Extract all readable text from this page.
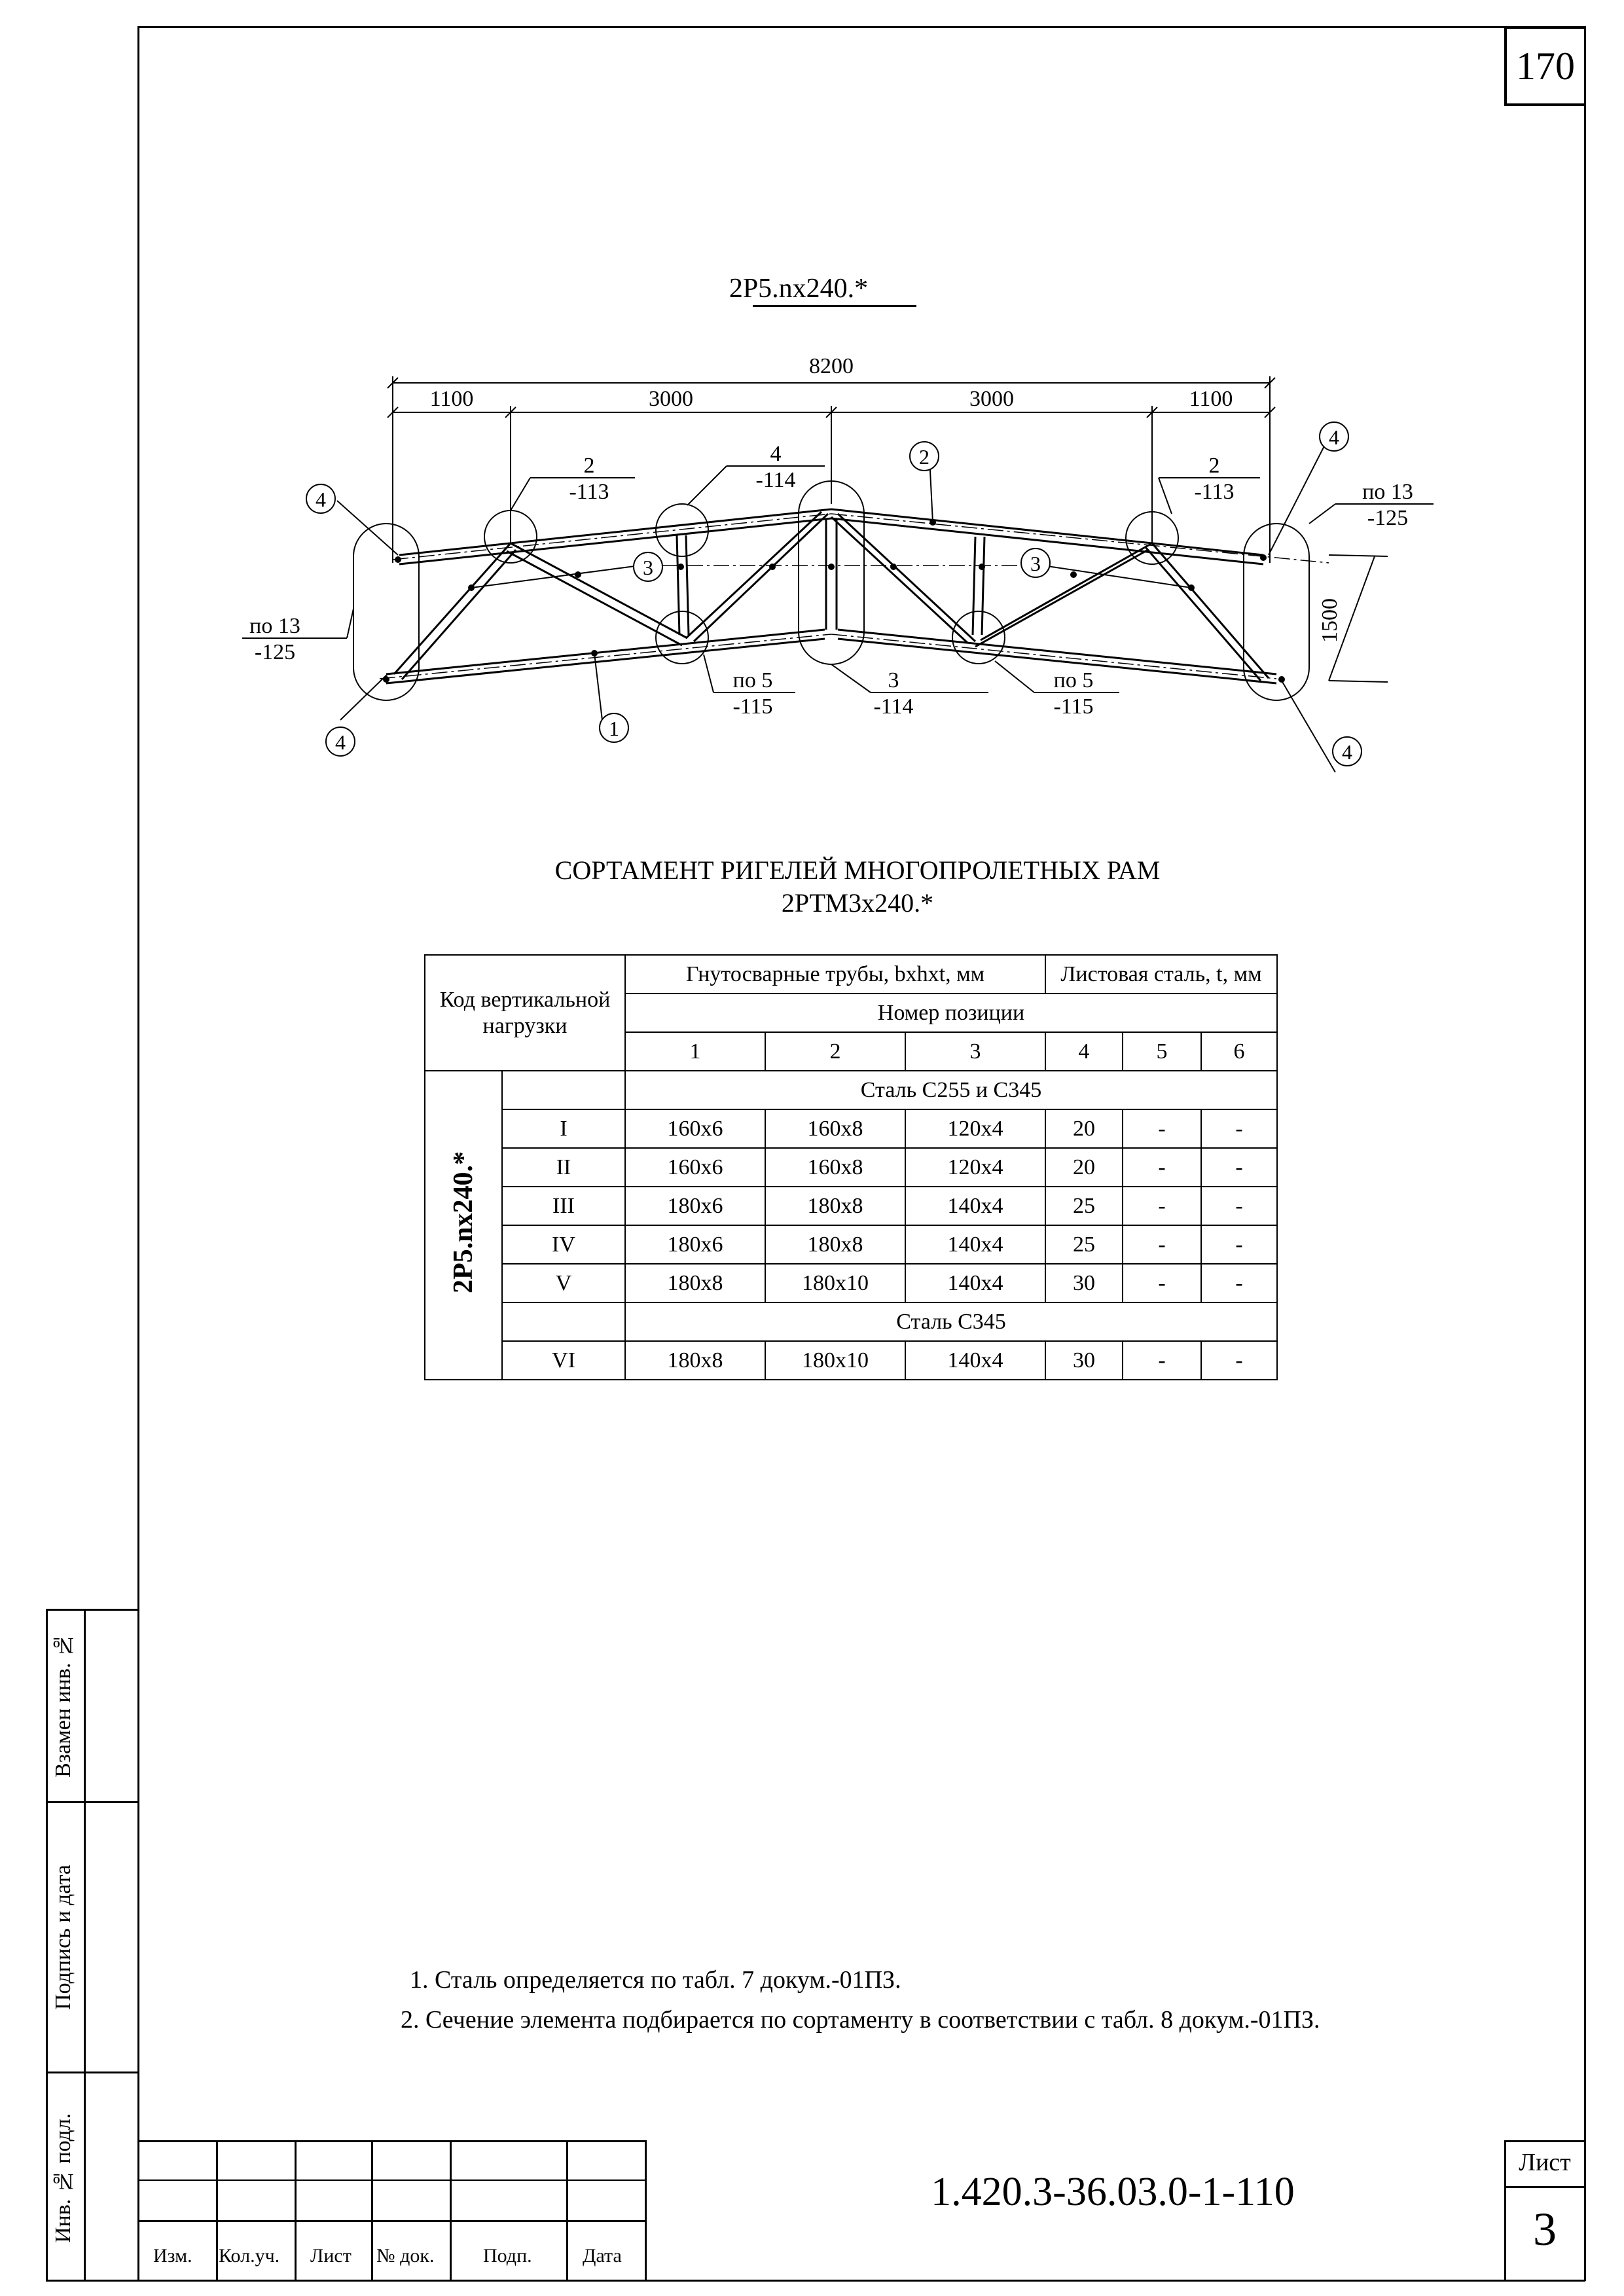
Взамен инв. №
Подпись и дата
Инв. № подл.
170
2Р5.nх240.*
8200
1100	3000	3000	1100
1500
4
4
4
4
2
1
3	3
2
-113
4
-114
2
-113	по 13
-125
по 13
-125
по 5
-115
3
-114
по 5
-115
СОРТАМЕНТ РИГЕЛЕЙ МНОГОПРОЛЕТНЫХ РАМ
2РТМ3х240.*
Код вертикальной нагрузки		Гнутосварные трубы, bxhxt, мм			Листовая сталь, t, мм		
		Номер позиции					
		1	2	3	4	5	6
2Р5.nх240.*		Сталь С255 и С345					
	I	160х6	160х8	120х4	20	-	-
	II	160х6	160х8	120х4	20	-	-
	III	180х6	180х8	140х4	25	-	-
	IV	180х6	180х8	140х4	25	-	-
	V	180х8	180х10	140х4	30	-	-
		Сталь С345					
	VI	180х8	180х10	140х4	30	-	-
1. Сталь определяется по табл. 7 докум.-01ПЗ.
2. Сечение элемента подбирается по сортаменту в соответствии с табл. 8 докум.-01ПЗ.
Изм. Кол.уч. Лист № док. Подп.	Дата
1.420.3-36.03.0-1-110
Лист
3
